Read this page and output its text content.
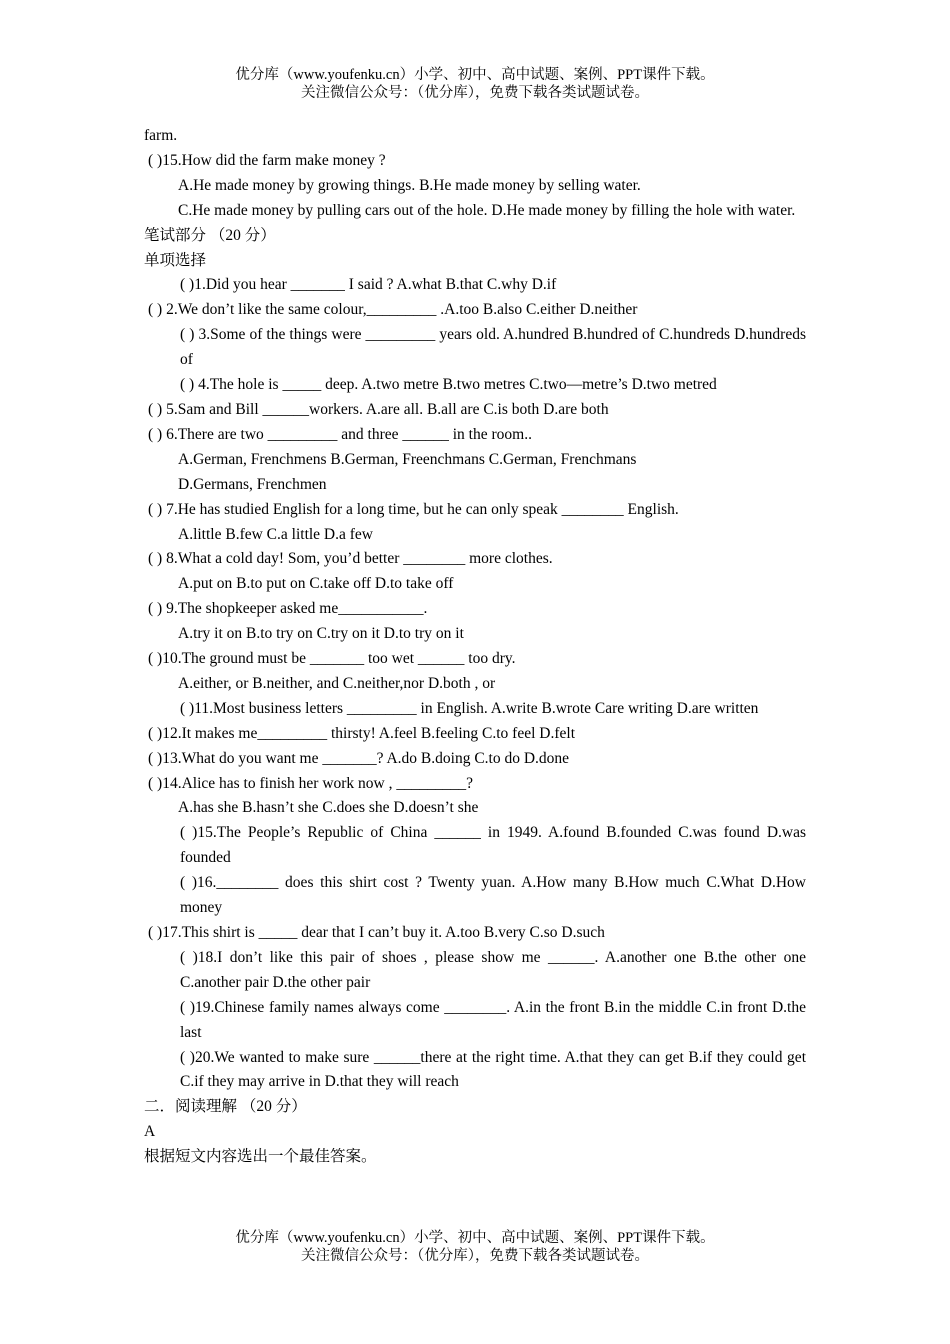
优分库（www.youfenku.cn）小学、初中、高中试题、案例、PPT课件下载。
关注微信公众号：（优分库），免费下载各类试题试卷。

farm.

( )15.How did the farm make money ?

A.He made money by growing things. B.He made money by selling water.

C.He made money by pulling cars out of the hole. D.He made money by filling the hole with water.

笔试部分 （20 分）

单项选择

( )1.Did you hear _______ I said ? A.what B.that C.why D.if

( ) 2.We don’t like the same colour,_________ .A.too B.also C.either D.neither

( ) 3.Some of the things were _________ years old. A.hundred B.hundred of C.hundreds D.hundreds of

( ) 4.The hole is _____ deep. A.two metre B.two metres C.two—metre’s D.two metred

( ) 5.Sam and Bill ______workers. A.are all. B.all are C.is both D.are both

( ) 6.There are two _________ and three ______ in the room..

A.German, Frenchmens B.German, Freenchmans C.German, Frenchmans

D.Germans, Frenchmen

( ) 7.He has studied English for a long time, but he can only speak ________ English.

A.little B.few C.a little D.a few

( ) 8.What a cold day! Som, you’d better ________ more clothes.

A.put on B.to put on C.take off D.to take off

( ) 9.The shopkeeper asked me___________.

A.try it on B.to try on C.try on it D.to try on it

( )10.The ground must be _______ too wet ______ too dry.

A.either, or B.neither, and C.neither,nor D.both , or

( )11.Most business letters _________ in English. A.write B.wrote Care writing D.are written

( )12.It makes me_________ thirsty! A.feel B.feeling C.to feel D.felt

( )13.What do you want me _______? A.do B.doing C.to do D.done

( )14.Alice has to finish her work now , _________?

A.has she B.hasn’t she C.does she D.doesn’t she

( )15.The People’s Republic of China ______ in 1949. A.found B.founded C.was found D.was founded

( )16.________ does this shirt cost ? Twenty yuan. A.How many B.How much C.What D.How money

( )17.This shirt is _____ dear that I can’t buy it. A.too B.very C.so D.such

( )18.I don’t like this pair of shoes , please show me ______. A.another one B.the other one C.another pair D.the other pair

( )19.Chinese family names always come ________. A.in the front B.in the middle C.in front D.the last

( )20.We wanted to make sure ______there at the right time. A.that they can get B.if they could get C.if they may arrive in D.that they will reach

二．阅读理解 （20 分）

A

根据短文内容选出一个最佳答案。

优分库（www.youfenku.cn）小学、初中、高中试题、案例、PPT课件下载。
关注微信公众号：（优分库），免费下载各类试题试卷。
